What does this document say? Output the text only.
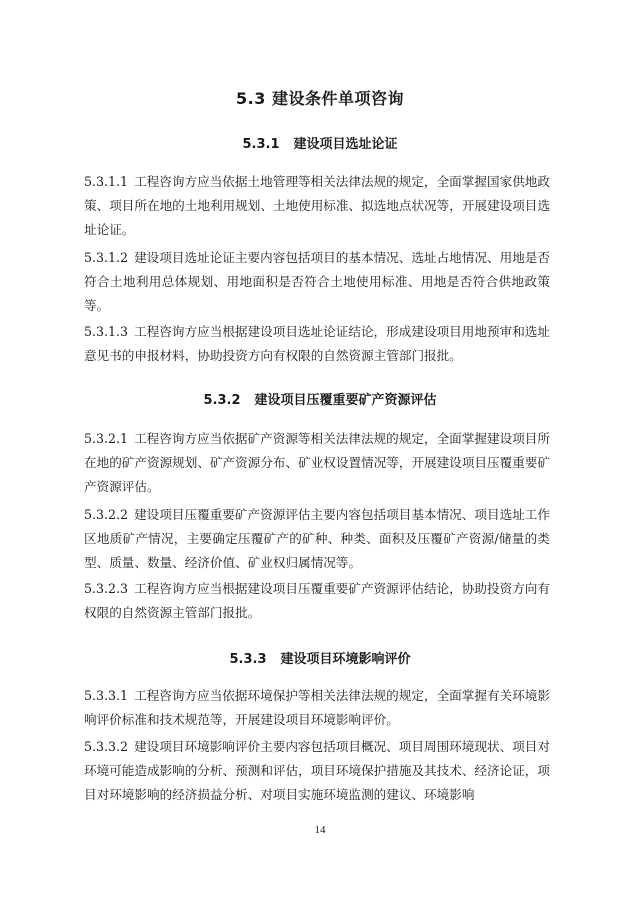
5.3 建设条件单项咨询
5.3.1 建设项目选址论证

5.3.1.1 工程咨询方应当依据土地管理等相关法律法规的规定，全面掌握国家供地政策、项目所在地的土地利用规划、土地使用标准、拟选地点状况等，开展建设项目选址论证。

5.3.1.2 建设项目选址论证主要内容包括项目的基本情况、选址占地情况、用地是否符合土地利用总体规划、用地面积是否符合土地使用标准、用地是否符合供地政策等。

5.3.1.3 工程咨询方应当根据建设项目选址论证结论，形成建设项目用地预审和选址意见书的申报材料，协助投资方向有权限的自然资源主管部门报批。

5.3.2 建设项目压覆重要矿产资源评估

5.3.2.1 工程咨询方应当依据矿产资源等相关法律法规的规定，全面掌握建设项目所在地的矿产资源规划、矿产资源分布、矿业权设置情况等，开展建设项目压覆重要矿产资源评估。

5.3.2.2 建设项目压覆重要矿产资源评估主要内容包括项目基本情况、项目选址工作区地质矿产情况，主要确定压覆矿产的矿种、种类、面积及压覆矿产资源/储量的类型、质量、数量、经济价值、矿业权归属情况等。

5.3.2.3 工程咨询方应当根据建设项目压覆重要矿产资源评估结论，协助投资方向有权限的自然资源主管部门报批。

5.3.3 建设项目环境影响评价

5.3.3.1 工程咨询方应当依据环境保护等相关法律法规的规定，全面掌握有关环境影响评价标准和技术规范等，开展建设项目环境影响评价。

5.3.3.2 建设项目环境影响评价主要内容包括项目概况、项目周围环境现状、项目对环境可能造成影响的分析、预测和评估，项目环境保护措施及其技术、经济论证，项目对环境影响的经济损益分析、对项目实施环境监测的建议、环境影响

14
